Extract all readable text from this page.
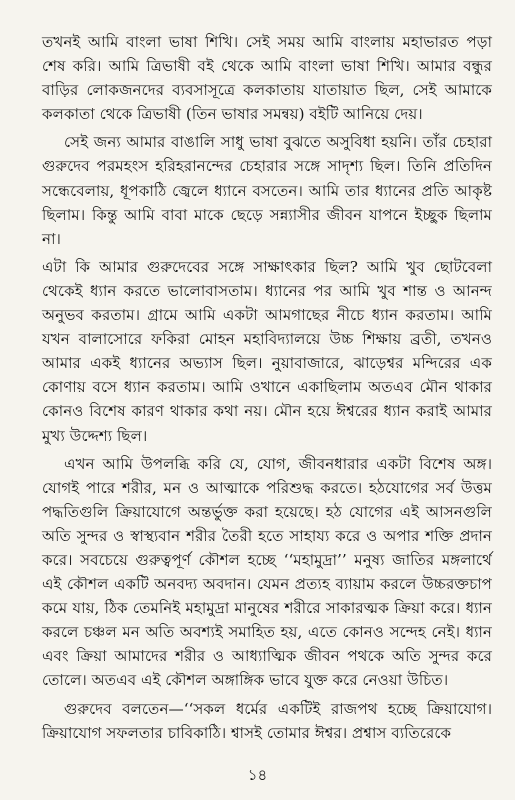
তখনই আমি বাংলা ভাষা শিখি। সেই সময় আমি বাংলায় মহাভারত পড়া শেষ করি। আমি ত্রিভাষী বই থেকে আমি বাংলা ভাষা শিখি। আমার বন্ধুর বাড়ির লোকজনদের ব্যবসাসূত্রে কলকাতায় যাতায়াত ছিল, সেই আমাকে কলকাতা থেকে ত্রিভাষী (তিন ভাষার সমন্বয়) বইটি আনিয়ে দেয়।

সেই জন্য আমার বাঙালি সাধু ভাষা বুঝতে অসুবিধা হয়নি। তাঁর চেহারা গুরুদেব পরমহংস হরিহরানন্দের চেহারার সঙ্গে সাদৃশ্য ছিল। তিনি প্রতিদিন সন্ধেবেলায়, ধূপকাঠি জ্বেলে ধ্যানে বসতেন। আমি তার ধ্যানের প্রতি আকৃষ্ট ছিলাম। কিন্তু আমি বাবা মাকে ছেড়ে সন্ন্যাসীর জীবন যাপনে ইচ্ছুক ছিলাম না।

এটা কি আমার গুরুদেবের সঙ্গে সাক্ষাৎকার ছিল? আমি খুব ছোটবেলা থেকেই ধ্যান করতে ভালোবাসতাম। ধ্যানের পর আমি খুব শান্ত ও আনন্দ অনুভব করতাম। গ্রামে আমি একটা আমগাছের নীচে ধ্যান করতাম। আমি যখন বালাসোরে ফকিরা মোহন মহাবিদ্যালয়ে উচ্চ শিক্ষায় ব্রতী, তখনও আমার একই ধ্যানের অভ্যাস ছিল। নুয়াবাজারে, ঝাড়েশ্বর মন্দিরের এক কোণায় বসে ধ্যান করতাম। আমি ওখানে একাছিলাম অতএব মৌন থাকার কোনও বিশেষ কারণ থাকার কথা নয়। মৌন হয়ে ঈশ্বরের ধ্যান করাই আমার মুখ্য উদ্দেশ্য ছিল।

এখন আমি উপলব্ধি করি যে, যোগ, জীবনধারার একটা বিশেষ অঙ্গ। যোগই পারে শরীর, মন ও আত্মাকে পরিশুদ্ধ করতে। হঠযোগের সর্ব উত্তম পদ্ধতিগুলি ক্রিয়াযোগে অন্তর্ভুক্ত করা হয়েছে। হঠ যোগের এই আসনগুলি অতি সুন্দর ও স্বাস্থ্যবান শরীর তৈরী হতে সাহায্য করে ও অপার শক্তি প্রদান করে। সবচেয়ে গুরুত্বপূর্ণ কৌশল হচ্ছে ‘‘মহামুদ্রা’’ মনুষ্য জাতির মঙ্গলার্থে এই কৌশল একটি অনবদ্য অবদান। যেমন প্রত্যহ ব্যায়াম করলে উচ্চরক্তচাপ কমে যায়, ঠিক তেমনিই মহামুদ্রা মানুষের শরীরে সাকারত্মক ক্রিয়া করে। ধ্যান করলে চঞ্চল মন অতি অবশ্যই সমাহিত হয়, এতে কোনও সন্দেহ নেই। ধ্যান এবং ক্রিয়া আমাদের শরীর ও আধ্যাত্মিক জীবন পথকে অতি সুন্দর করে তোলে। অতএব এই কৌশল অঙ্গাঙ্গিক ভাবে যুক্ত করে নেওয়া উচিত।

গুরুদেব বলতেন—‘‘সকল ধর্মের একটিই রাজপথ হচ্ছে ক্রিয়াযোগ। ক্রিয়াযোগ সফলতার চাবিকাঠি। শ্বাসই তোমার ঈশ্বর। প্রশ্বাস ব্যতিরেকে

১৪
